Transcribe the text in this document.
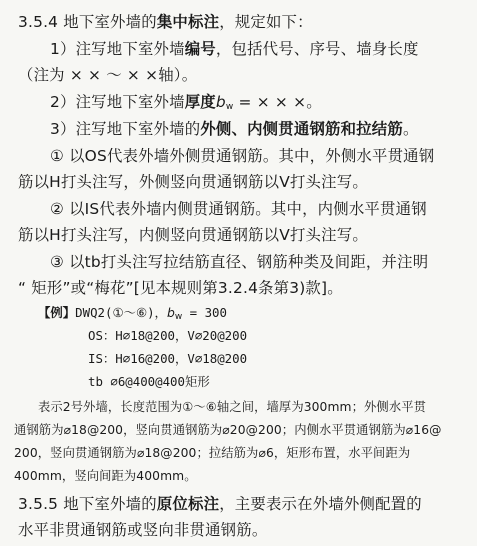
3.5.4 地下室外墙的集中标注，规定如下：
1）注写地下室外墙编号，包括代号、序号、墙身长度
（注为 × × ～ × ×轴）。
2）注写地下室外墙厚度$b_w$ = × × ×。
3）注写地下室外墙的外侧、内侧贯通钢筋和拉结筋。
① 以OS代表外墙外侧贯通钢筋。其中，外侧水平贯通钢
筋以H打头注写，外侧竖向贯通钢筋以V打头注写。
② 以IS代表外墙内侧贯通钢筋。其中，内侧水平贯通钢
筋以H打头注写，内侧竖向贯通钢筋以V打头注写。
③ 以tb打头注写拉结筋直径、钢筋种类及间距，并注明
“ 矩形”或“梅花”[见本规则第3.2.4条第3)款]。
【例】DWQ2(①～⑥)，$b_w = 300$
OS：H⌀18@200，V⌀20@200
IS：H⌀16@200，V⌀18@200
tb ⌀6@400@400矩形
表示2号外墙，长度范围为①～⑥轴之间，墙厚为300mm；外侧水平贯
通钢筋为⌀18@200，竖向贯通钢筋为⌀20@200；内侧水平贯通钢筋为⌀16@
200，竖向贯通钢筋为⌀18@200；拉结筋为⌀6，矩形布置，水平间距为
400mm，竖向间距为400mm。
3.5.5 地下室外墙的原位标注，主要表示在外墙外侧配置的
水平非贯通钢筋或竖向非贯通钢筋。
